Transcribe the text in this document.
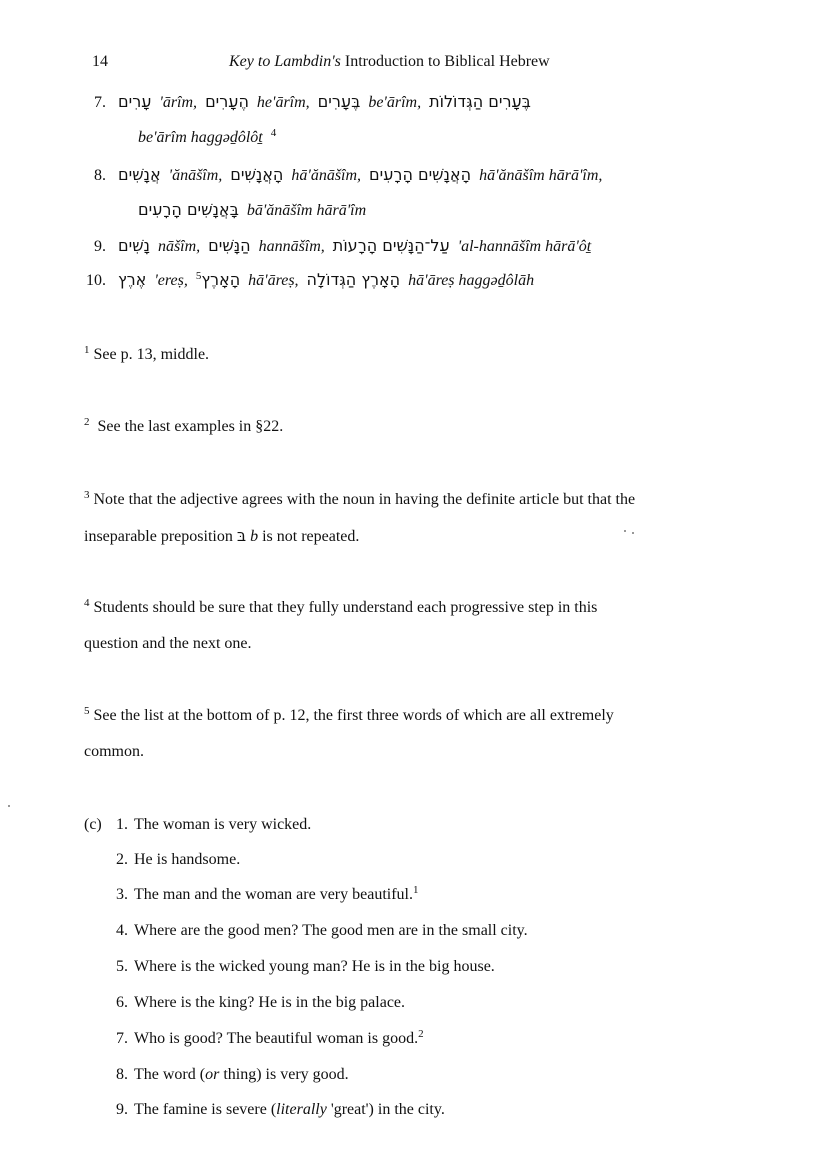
14	Key to Lambdin's Introduction to Biblical Hebrew
7. עָרִים 'ārîm, הֶעָרִים he'ārîm, בֶּעָרִים be'ārîm, בֶּעָרִים הַגְּדוֹלוֹת
be'ārîm haggəḏôlôṯ $^4$
8. אֲנָשִׁים 'ănāšîm, הָאֲנָשִׁים hā'ănāšîm, הָאֲנָשִׁים הָרָעִים hā'ănāšîm hārā'îm,
בָּאֲנָשִׁים הָרָעִים bā'ănāšîm hārā'îm
9. נָשִׁים nāšîm, הַנָּשִׁים hannāšîm, עַל־הַנָּשִׁים הָרָעוֹת 'al-hannāšîm hārā'ôṯ
10. אֶרֶץ 'ereṣ, $^5$הָאָרֶץ hā'āreṣ, הָאָרֶץ הַגְּדוֹלָה hā'āreṣ haggəḏôlāh
$^1$ See p. 13, middle.
$^2$ See the last examples in §22.
$^3$ Note that the adjective agrees with the noun in having the definite article but that the
inseparable preposition בּ b is not repeated.
$^4$ Students should be sure that they fully understand each progressive step in this
question and the next one.
$^5$ See the list at the bottom of p. 12, the first three words of which are all extremely
common.
(c) 1. The woman is very wicked.
2. He is handsome.
3. The man and the woman are very beautiful.$^1$
4. Where are the good men? The good men are in the small city.
5. Where is the wicked young man? He is in the big house.
6. Where is the king? He is in the big palace.
7. Who is good? The beautiful woman is good.$^2$
8. The word (or thing) is very good.
9. The famine is severe (literally 'great') in the city.
